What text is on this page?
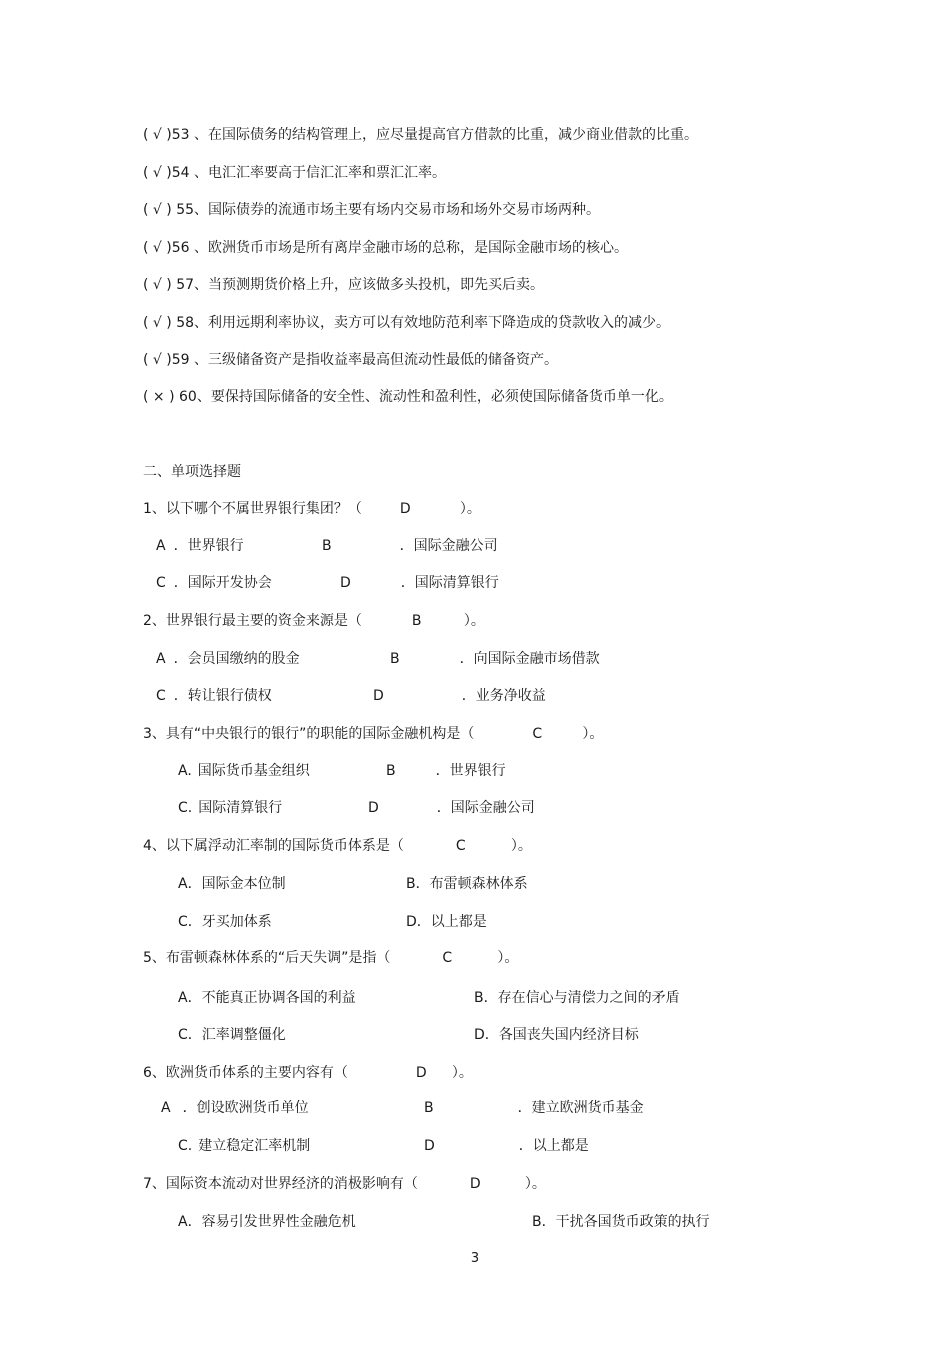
( √ )53 、在国际债务的结构管理上，应尽量提高官方借款的比重，减少商业借款的比重。
( √ )54 、电汇汇率要高于信汇汇率和票汇汇率。
( √ ) 55、国际债券的流通市场主要有场内交易市场和场外交易市场两种。
( √ )56 、欧洲货币市场是所有离岸金融市场的总称，是国际金融市场的核心。
( √ ) 57、当预测期货价格上升，应该做多头投机，即先买后卖。
( √ ) 58、利用远期利率协议，卖方可以有效地防范利率下降造成的贷款收入的减少。
( √ )59 、三级储备资产是指收益率最高但流动性最低的储备资产。
( × ) 60、要保持国际储备的安全性、流动性和盈利性，必须使国际储备货币单一化。
二、单项选择题
1、以下哪个不属世界银行集团？（	D	）。
A ．世界银行	B	．国际金融公司
C ．国际开发协会	D	．国际清算银行
2、世界银行最主要的资金来源是（	B	）。
A ．会员国缴纳的股金	B	．向国际金融市场借款
C ．转让银行债权	D	．业务净收益
3、具有“中央银行的银行”的职能的国际金融机构是（	C	）。
A. 国际货币基金组织	B	．世界银行
C. 国际清算银行	D	．国际金融公司
4、以下属浮动汇率制的国际货币体系是（	C	）。
A．国际金本位制	B．布雷顿森林体系
C．牙买加体系	D．以上都是
5、布雷顿森林体系的“后天失调”是指（	C	）。
A．不能真正协调各国的利益	B．存在信心与清偿力之间的矛盾
C．汇率调整僵化	D．各国丧失国内经济目标
6、欧洲货币体系的主要内容有（	D ）。
A ．创设欧洲货币单位	B	．建立欧洲货币基金
C. 建立稳定汇率机制	D	．以上都是
7、国际资本流动对世界经济的消极影响有（	D	）。
A．容易引发世界性金融危机	B．干扰各国货币政策的执行
3
